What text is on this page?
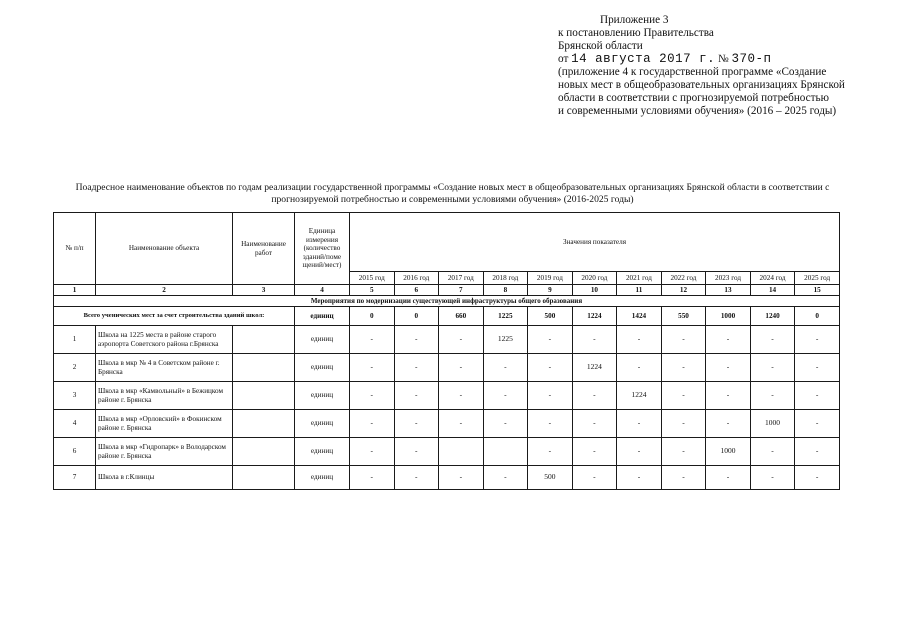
Приложение 3
к постановлению Правительства
Брянской области
от 14 августа 2017 г. № 370-п
(приложение 4 к государственной программе «Создание
новых мест в общеобразовательных организациях Брянской
области в соответствии с прогнозируемой потребностью
и современными условиями обучения» (2016 – 2025 годы)
Поадресное наименование объектов по годам реализации государственной программы «Создание новых мест в общеобразовательных организациях Брянской области в соответствии с прогнозируемой потребностью и современными условиями обучения» (2016-2025 годы)
№ п/п	Наименование объекта	Наименование работ	Единица измерения (количество зданий/поме щений/мест)	Значения показателя										
				2015 год	2016 год	2017 год	2018 год	2019 год	2020 год	2021 год	2022 год	2023 год	2024 год	2025 год
1	2	3	4	5	6	7	8	9	10	11	12	13	14	15
Мероприятия по модернизации существующей инфраструктуры общего образования														
Всего ученических мест за счет строительства зданий школ:			единиц	0	0	660	1225	500	1224	1424	550	1000	1240	0
1	Школа на 1225 места в районе старого аэропорта Советского района г.Брянска		единиц	-	-	-	1225	-	-	-	-	-	-	-
2	Школа в мкр № 4 в Советском районе г. Брянска		единиц	-	-	-	-	-	1224	-	-	-	-	-
3	Школа в мкр «Камвольный» в Бежицком районе г. Брянска		единиц	-	-	-	-	-	-	1224	-	-	-	-
4	Школа в мкр «Орловский» в Фокинском районе г. Брянска		единиц	-	-	-	-	-	-	-	-	-	1000	-
6	Школа в мкр «Гидропарк» в Володарском районе г. Брянска		единиц	-	-			-	-	-	-	1000	-	-
7	Школа в г.Клинцы		единиц	-	-	-	-	500	-	-	-	-	-	-
